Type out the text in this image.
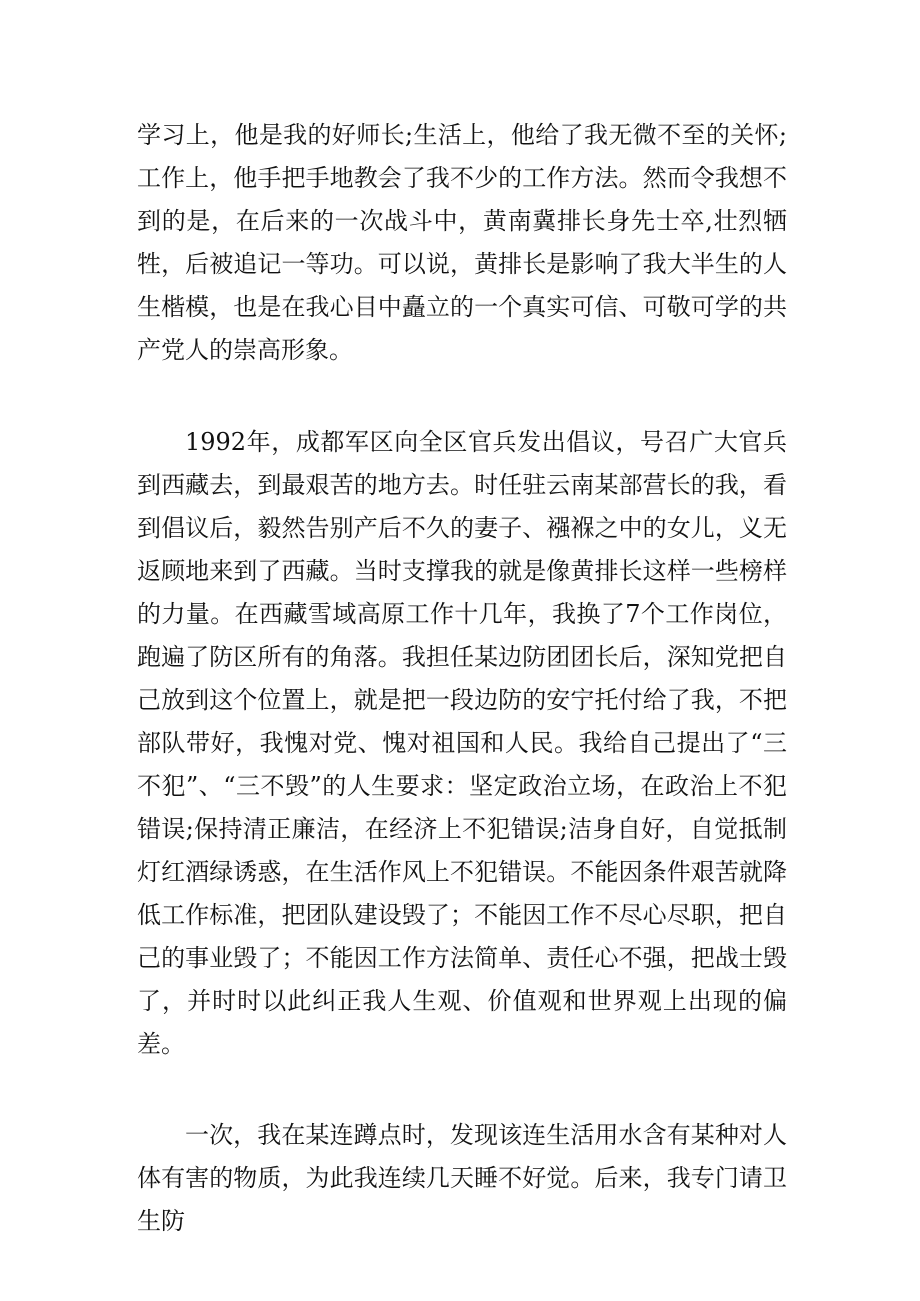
学习上，他是我的好师长;生活上，他给了我无微不至的关怀;工作上，他手把手地教会了我不少的工作方法。然而令我想不到的是，在后来的一次战斗中，黄南冀排长身先士卒,壮烈牺牲，后被追记一等功。可以说，黄排长是影响了我大半生的人生楷模，也是在我心目中矗立的一个真实可信、可敬可学的共产党人的崇高形象。

1992年，成都军区向全区官兵发出倡议，号召广大官兵到西藏去，到最艰苦的地方去。时任驻云南某部营长的我，看到倡议后，毅然告别产后不久的妻子、襁褓之中的女儿，义无返顾地来到了西藏。当时支撑我的就是像黄排长这样一些榜样的力量。在西藏雪域高原工作十几年，我换了7个工作岗位，跑遍了防区所有的角落。我担任某边防团团长后，深知党把自己放到这个位置上，就是把一段边防的安宁托付给了我，不把部队带好，我愧对党、愧对祖国和人民。我给自己提出了“三不犯”、“三不毁”的人生要求：坚定政治立场，在政治上不犯错误;保持清正廉洁，在经济上不犯错误;洁身自好，自觉抵制灯红酒绿诱惑，在生活作风上不犯错误。不能因条件艰苦就降低工作标准，把团队建设毁了；不能因工作不尽心尽职，把自己的事业毁了；不能因工作方法简单、责任心不强，把战士毁了，并时时以此纠正我人生观、价值观和世界观上出现的偏差。

一次，我在某连蹲点时，发现该连生活用水含有某种对人体有害的物质，为此我连续几天睡不好觉。后来，我专门请卫生防
